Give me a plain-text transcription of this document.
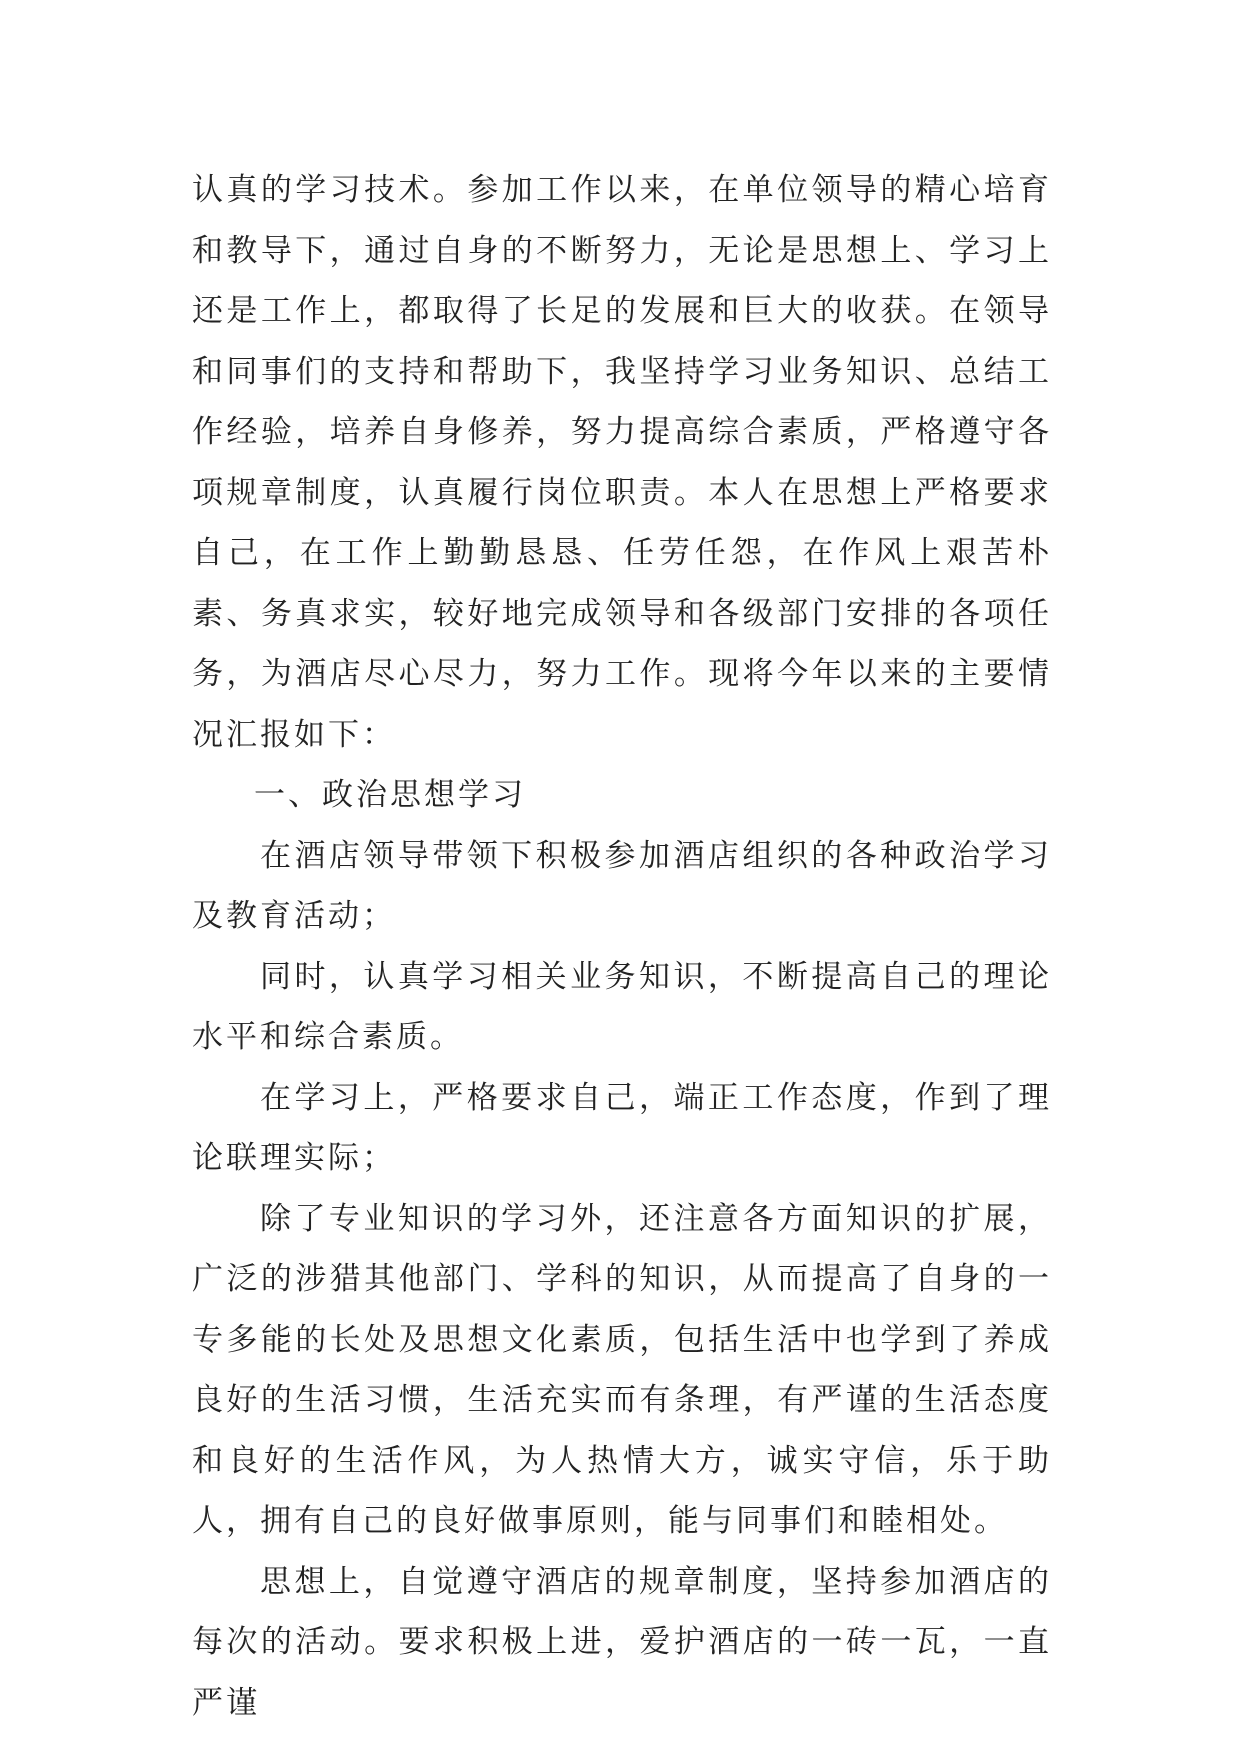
认真的学习技术。参加工作以来，在单位领导的精心培育和教导下，通过自身的不断努力，无论是思想上、学习上还是工作上，都取得了长足的发展和巨大的收获。在领导和同事们的支持和帮助下，我坚持学习业务知识、总结工作经验，培养自身修养，努力提高综合素质，严格遵守各项规章制度，认真履行岗位职责。本人在思想上严格要求自己，在工作上勤勤恳恳、任劳任怨，在作风上艰苦朴素、务真求实，较好地完成领导和各级部门安排的各项任务，为酒店尽心尽力，努力工作。现将今年以来的主要情况汇报如下：

一、政治思想学习

在酒店领导带领下积极参加酒店组织的各种政治学习及教育活动；

同时，认真学习相关业务知识，不断提高自己的理论水平和综合素质。

在学习上，严格要求自己，端正工作态度，作到了理论联理实际；

除了专业知识的学习外，还注意各方面知识的扩展，广泛的涉猎其他部门、学科的知识，从而提高了自身的一专多能的长处及思想文化素质，包括生活中也学到了养成良好的生活习惯，生活充实而有条理，有严谨的生活态度和良好的生活作风，为人热情大方，诚实守信，乐于助人，拥有自己的良好做事原则，能与同事们和睦相处。

思想上，自觉遵守酒店的规章制度，坚持参加酒店的每次的活动。要求积极上进，爱护酒店的一砖一瓦，一直严谨
